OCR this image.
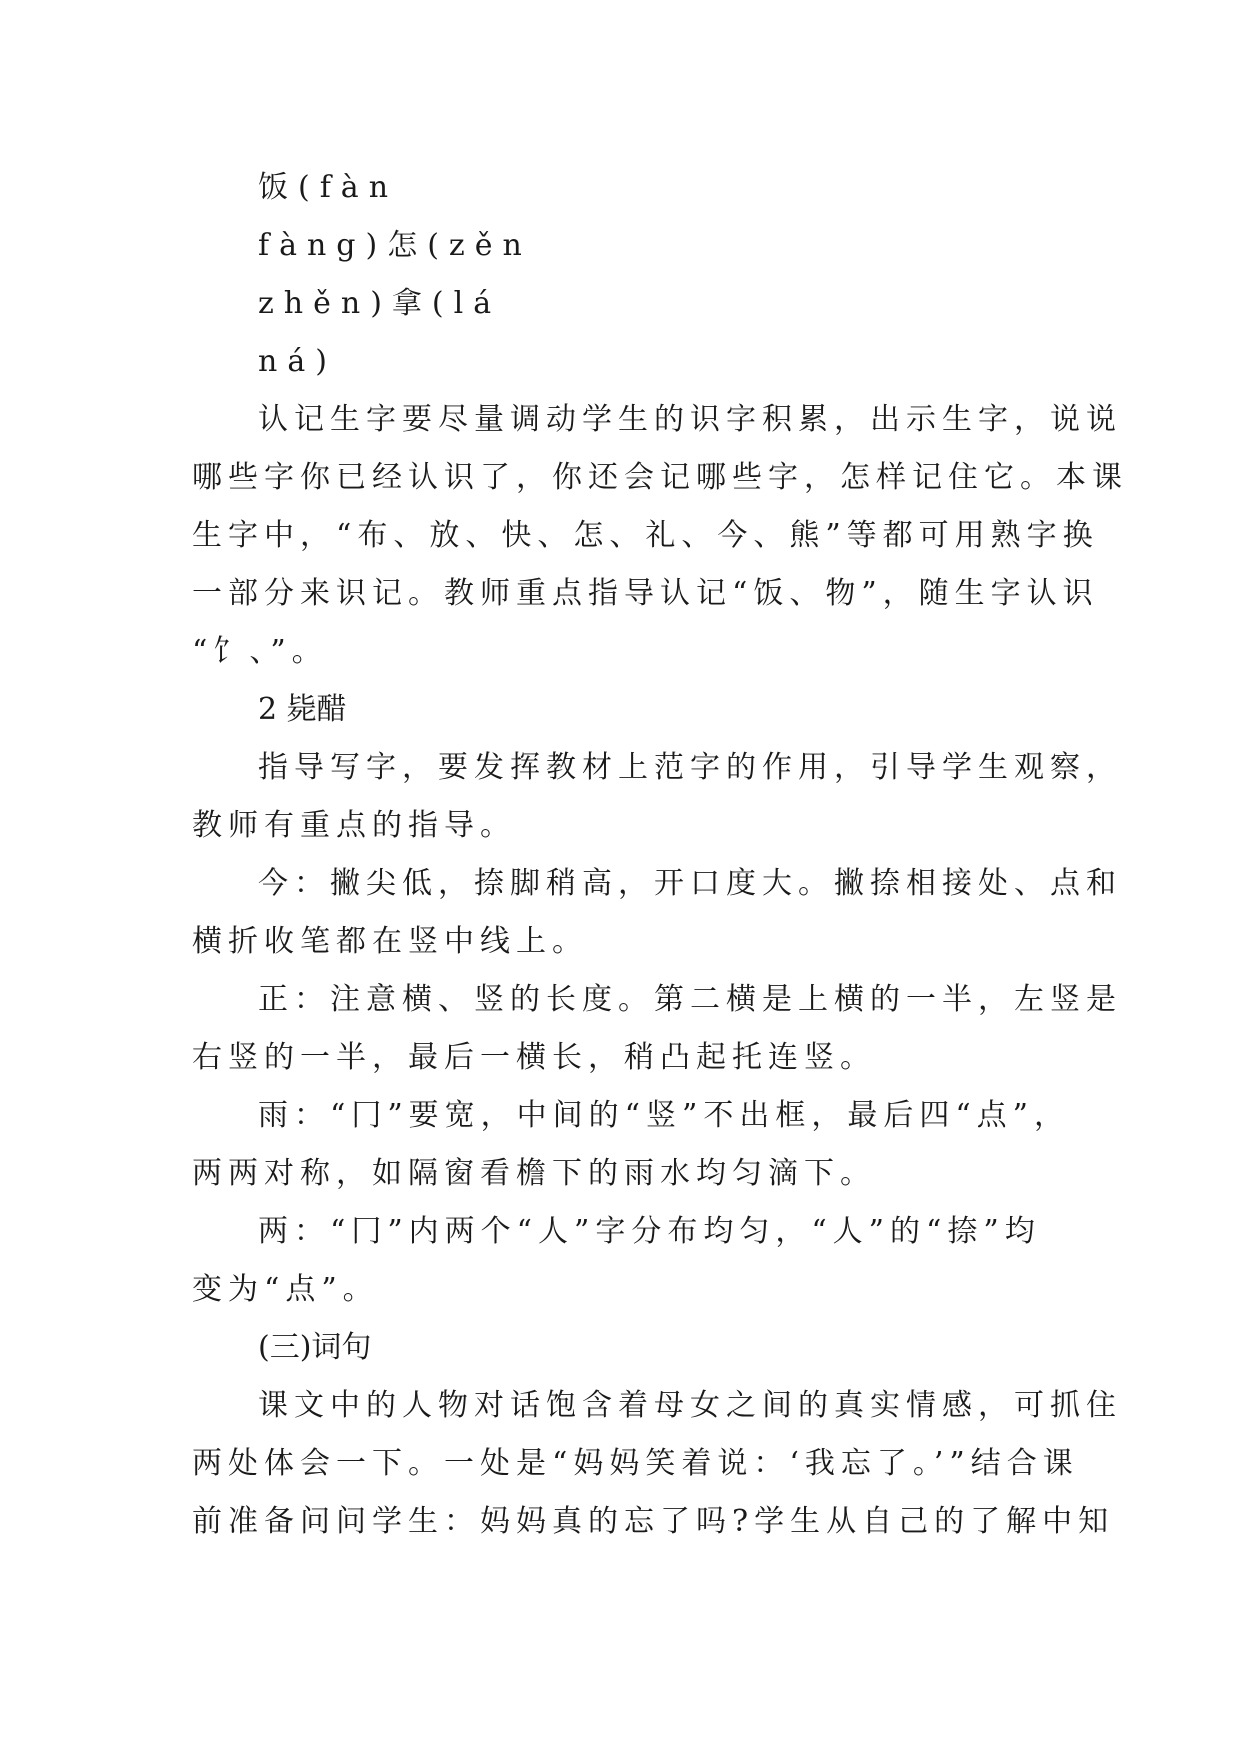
饭(fàn
fàng)怎(zěn
zhěn)拿(lá
ná)
认记生字要尽量调动学生的识字积累，出示生字，说说
哪些字你已经认识了，你还会记哪些字，怎样记住它。本课
生字中，“布、放、快、怎、礼、今、熊”等都可用熟字换
一部分来识记。教师重点指导认记“饭、物”，随生字认识
“饣、”。
2 毙醋
指导写字，要发挥教材上范字的作用，引导学生观察，
教师有重点的指导。
今：撇尖低，捺脚稍高，开口度大。撇捺相接处、点和
横折收笔都在竖中线上。
正：注意横、竖的长度。第二横是上横的一半，左竖是
右竖的一半，最后一横长，稍凸起托连竖。
雨：“冂”要宽，中间的“竖”不出框，最后四“点”，
两两对称，如隔窗看檐下的雨水均匀滴下。
两：“冂”内两个“人”字分布均匀，“人”的“捺”均
变为“点”。
(三)词句
课文中的人物对话饱含着母女之间的真实情感，可抓住
两处体会一下。一处是“妈妈笑着说：‘我忘了。’”结合课
前准备问问学生：妈妈真的忘了吗?学生从自己的了解中知
